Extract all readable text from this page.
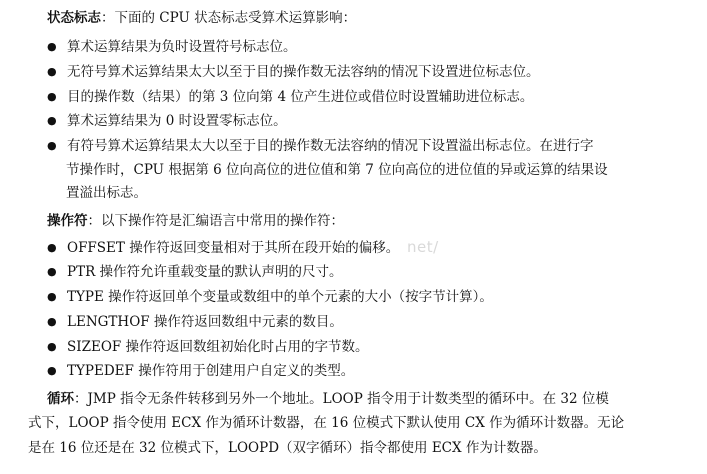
状态标志：下面的 CPU 状态标志受算术运算影响：
● 算术运算结果为负时设置符号标志位。
● 无符号算术运算结果太大以至于目的操作数无法容纳的情况下设置进位标志位。
● 目的操作数（结果）的第 3 位向第 4 位产生进位或借位时设置辅助进位标志。
● 算术运算结果为 0 时设置零标志位。
● 有符号算术运算结果太大以至于目的操作数无法容纳的情况下设置溢出标志位。在进行字
节操作时，CPU 根据第 6 位向高位的进位值和第 7 位向高位的进位值的异或运算的结果设
置溢出标志。
操作符：以下操作符是汇编语言中常用的操作符：
● OFFSET 操作符返回变量相对于其所在段开始的偏移。
● PTR 操作符允许重载变量的默认声明的尺寸。
● TYPE 操作符返回单个变量或数组中的单个元素的大小（按字节计算）。
● LENGTHOF 操作符返回数组中元素的数目。
● SIZEOF 操作符返回数组初始化时占用的字节数。
● TYPEDEF 操作符用于创建用户自定义的类型。
循环：JMP 指令无条件转移到另外一个地址。LOOP 指令用于计数类型的循环中。在 32 位模
式下，LOOP 指令使用 ECX 作为循环计数器，在 16 位模式下默认使用 CX 作为循环计数器。无论
是在 16 位还是在 32 位模式下，LOOPD（双字循环）指令都使用 ECX 作为计数器。
net/
